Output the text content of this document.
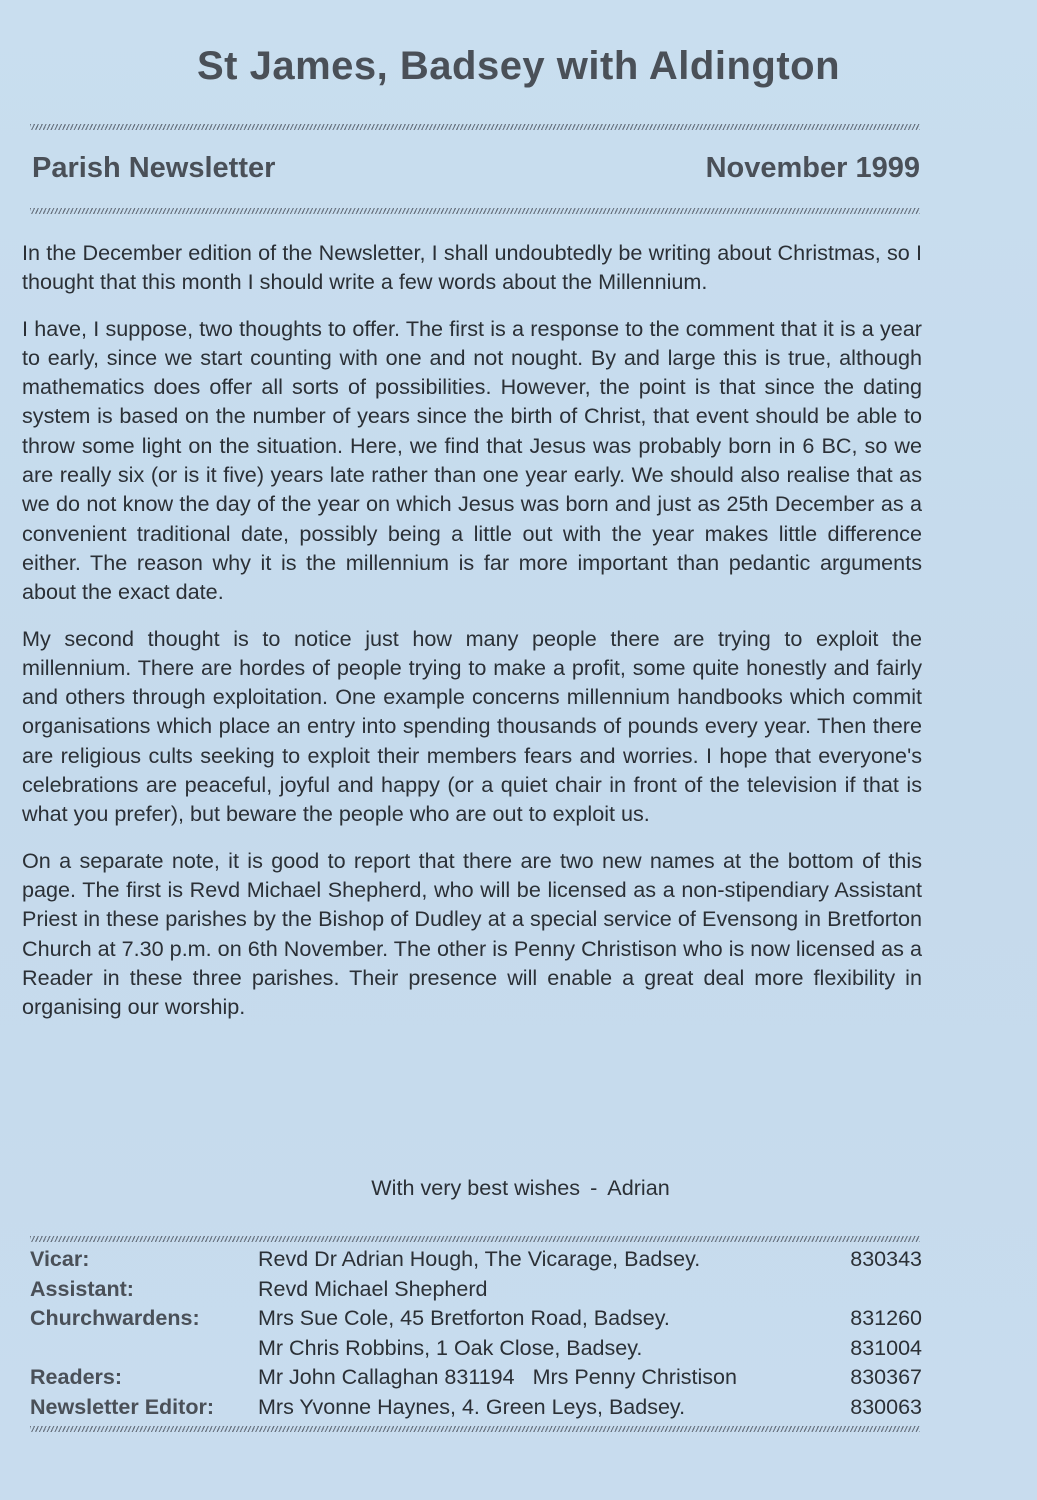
St James, Badsey with Aldington
Parish Newsletter	November 1999

In the December edition of the Newsletter, I shall undoubtedly be writing about Christmas, so I thought that this month I should write a few words about the Millennium.

I have, I suppose, two thoughts to offer. The first is a response to the comment that it is a year to early, since we start counting with one and not nought. By and large this is true, although mathematics does offer all sorts of possibilities. However, the point is that since the dating system is based on the number of years since the birth of Christ, that event should be able to throw some light on the situation. Here, we find that Jesus was probably born in 6 BC, so we are really six (or is it five) years late rather than one year early. We should also realise that as we do not know the day of the year on which Jesus was born and just as 25th December as a convenient traditional date, possibly being a little out with the year makes little difference either. The reason why it is the millennium is far more important than pedantic arguments about the exact date.

My second thought is to notice just how many people there are trying to exploit the millennium. There are hordes of people trying to make a profit, some quite honestly and fairly and others through exploitation. One example concerns millennium handbooks which commit organisations which place an entry into spending thousands of pounds every year. Then there are religious cults seeking to exploit their members fears and worries. I hope that everyone's celebrations are peaceful, joyful and happy (or a quiet chair in front of the television if that is what you prefer), but beware the people who are out to exploit us.

On a separate note, it is good to report that there are two new names at the bottom of this page. The first is Revd Michael Shepherd, who will be licensed as a non-stipendiary Assistant Priest in these parishes by the Bishop of Dudley at a special service of Evensong in Bretforton Church at 7.30 p.m. on 6th November. The other is Penny Christison who is now licensed as a Reader in these three parishes. Their presence will enable a great deal more flexibility in organising our worship.

With very best wishes - Adrian
Vicar:	Revd Dr Adrian Hough, The Vicarage, Badsey.	830343
Assistant:	Revd Michael Shepherd	
Churchwardens:	Mrs Sue Cole, 45 Bretforton Road, Badsey.	831260
	Mr Chris Robbins, 1 Oak Close, Badsey.	831004
Readers:	Mr John Callaghan 831194 Mrs Penny Christison	830367
Newsletter Editor:	Mrs Yvonne Haynes, 4. Green Leys, Badsey.	830063
